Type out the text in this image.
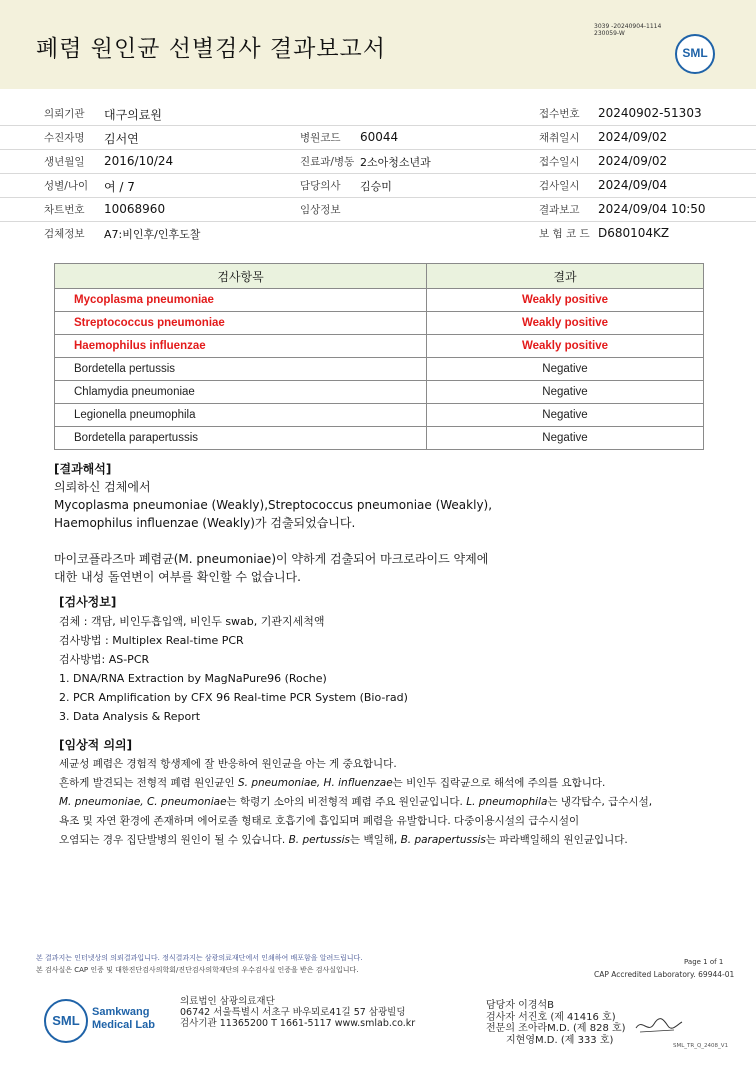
폐렴 원인균 선별검사 결과보고서
3039 -20240904-1114
230059-W
SML
의뢰기관 대구의료원	접수번호 20240902-51303
수진자명 김서연	병원코드 60044	채취일시 2024/09/02
생년월일 2016/10/24	진료과/병동 2소아청소년과	접수일시 2024/09/02
성별/나이 여 / 7	담당의사 김승미	검사일시 2024/09/04
차트번호 10068960	임상정보	결과보고 2024/09/04 10:50
검체정보 A7:비인후/인후도찰	보 험 코 드 D680104KZ
검사항목	결과
Mycoplasma pneumoniae	Weakly positive
Streptococcus pneumoniae	Weakly positive
Haemophilus influenzae	Weakly positive
Bordetella pertussis	Negative
Chlamydia pneumoniae	Negative
Legionella pneumophila	Negative
Bordetella parapertussis	Negative

[결과해석]

의뢰하신 검체에서

Mycoplasma pneumoniae (Weakly),Streptococcus pneumoniae (Weakly),

Haemophilus influenzae (Weakly)가 검출되었습니다.

마이코플라즈마 폐렴균(M. pneumoniae)이 약하게 검출되어 마크로라이드 약제에

대한 내성 돌연변이 여부를 확인할 수 없습니다.

[검사정보]

검체 : 객담, 비인두흡입액, 비인두 swab, 기관지세척액

검사방법 : Multiplex Real-time PCR

검사방법: AS-PCR

1. DNA/RNA Extraction by MagNaPure96 (Roche)

2. PCR Amplification by CFX 96 Real-time PCR System (Bio-rad)

3. Data Analysis & Report

[임상적 의의]

세균성 폐렴은 경험적 항생제에 잘 반응하여 원인균을 아는 게 중요합니다.

흔하게 발견되는 전형적 폐렴 원인균인 S. pneumoniae, H. influenzae는 비인두 집락균으로 해석에 주의를 요합니다.

M. pneumoniae, C. pneumoniae는 학령기 소아의 비전형적 폐렴 주요 원인균입니다. L. pneumophila는 냉각탑수, 급수시설,

욕조 및 자연 환경에 존재하며 에어로졸 형태로 호흡기에 흡입되며 폐렴을 유발합니다. 다중이용시설의 급수시설이

오염되는 경우 집단발병의 원인이 될 수 있습니다. B. pertussis는 백일해, B. parapertussis는 파라백일해의 원인균입니다.

본 결과지는 인터넷상의 의뢰결과입니다. 정식결과지는 삼광의료재단에서 인쇄하여 배포함을 알려드립니다.
본 검사실은 CAP 인증 및 대한진단검사의학회/진단검사의학재단의 우수검사실 인증을 받은 검사실입니다.
Page 1 of 1
CAP Accredited Laboratory. 69944-01
SML
Samkwang
Medical Lab
의료법인 삼광의료재단
06742 서울특별시 서초구 바우뫼로41길 57 삼광빌딩
검사기관 11365200 T 1661-5117 www.smlab.co.kr
담당자 이경석B
검사자 서진호 (제 41416 호)
전문의 조아라M.D. (제 828 호)
지현영M.D. (제 333 호)
SML_TR_Q_2408_V1
